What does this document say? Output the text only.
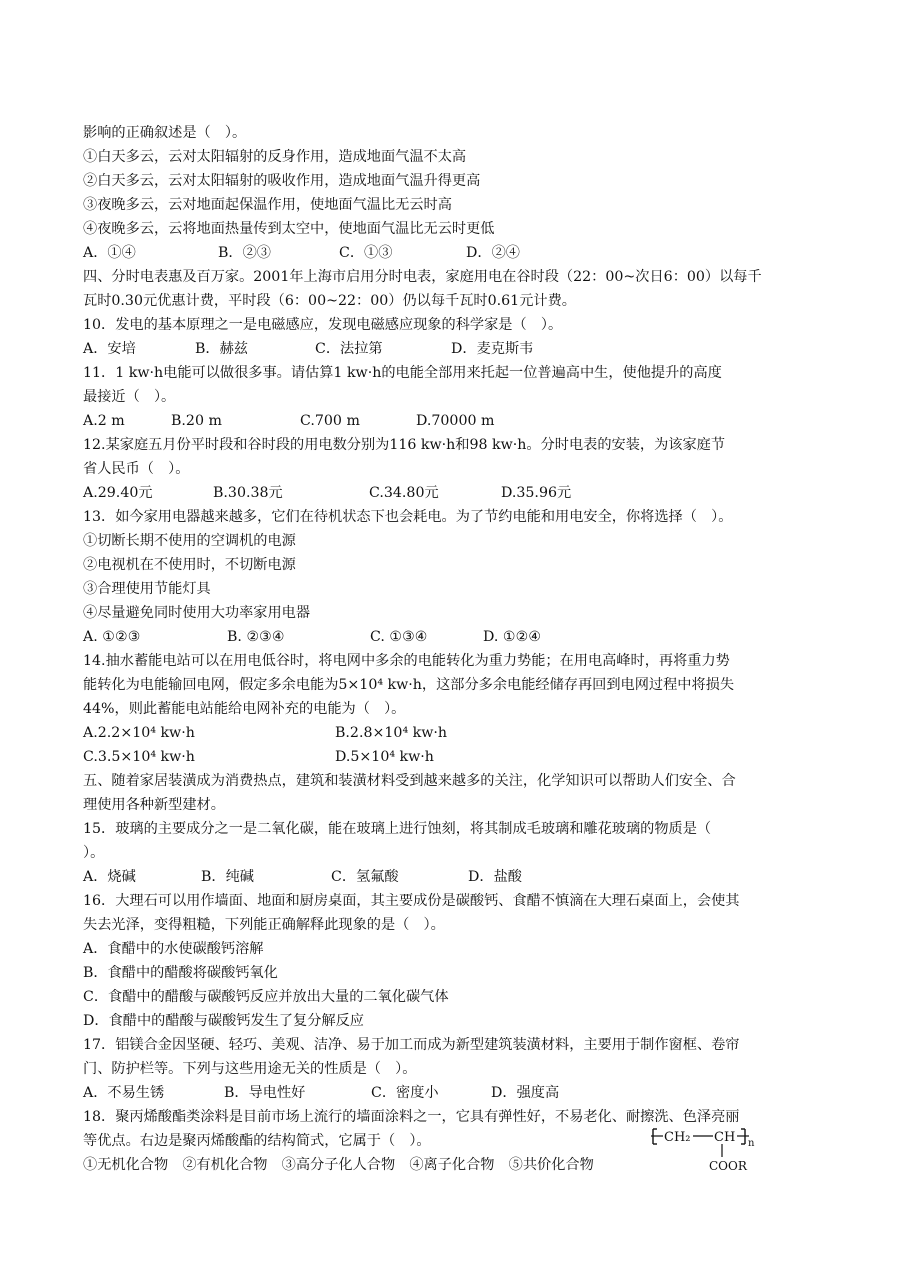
影响的正确叙述是（　）。
①白天多云，云对太阳辐射的反身作用，造成地面气温不太高
②白天多云，云对太阳辐射的吸收作用，造成地面气温升得更高
③夜晚多云，云对地面起保温作用，使地面气温比无云时高
④夜晚多云，云将地面热量传到太空中，使地面气温比无云时更低
A．①④	B．②③	C．①③	D．②④
四、分时电表惠及百万家。2001年上海市启用分时电表，家庭用电在谷时段（22：00~次日6：00）以每千
瓦时0.30元优惠计费，平时段（6：00~22：00）仍以每千瓦时0.61元计费。
10．发电的基本原理之一是电磁感应，发现电磁感应现象的科学家是（　）。
A．安培	B．赫兹	C．法拉第	D．麦克斯韦
11．1 kw·h电能可以做很多事。请估算1 kw·h的电能全部用来托起一位普遍高中生，使他提升的高度
最接近（　）。
A.2 m	B.20 m	C.700 m	D.70000 m
12.某家庭五月份平时段和谷时段的用电数分别为116 kw·h和98 kw·h。分时电表的安装，为该家庭节
省人民币（　）。
A.29.40元	B.30.38元	C.34.80元	D.35.96元
13．如今家用电器越来越多，它们在待机状态下也会耗电。为了节约电能和用电安全，你将选择（　）。
①切断长期不使用的空调机的电源
②电视机在不使用时，不切断电源
③合理使用节能灯具
④尽量避免同时使用大功率家用电器
A. ①②③	B. ②③④	C. ①③④	D. ①②④
14.抽水蓄能电站可以在用电低谷时，将电网中多余的电能转化为重力势能；在用电高峰时，再将重力势
能转化为电能输回电网，假定多余电能为5×10⁴ kw·h，这部分多余电能经储存再回到电网过程中将损失
44%，则此蓄能电站能给电网补充的电能为（　）。
A.2.2×10⁴ kw·h	B.2.8×10⁴ kw·h
C.3.5×10⁴ kw·h	D.5×10⁴ kw·h
五、随着家居装潢成为消费热点，建筑和装潢材料受到越来越多的关注，化学知识可以帮助人们安全、合
理使用各种新型建材。
15．玻璃的主要成分之一是二氧化碳，能在玻璃上进行蚀刻，将其制成毛玻璃和雕花玻璃的物质是（
）。
A．烧碱	B．纯碱	C．氢氟酸	D．盐酸
16．大理石可以用作墙面、地面和厨房桌面，其主要成份是碳酸钙、食醋不慎滴在大理石桌面上，会使其
失去光泽，变得粗糙，下列能正确解释此现象的是（　）。
A．食醋中的水使碳酸钙溶解
B．食醋中的醋酸将碳酸钙氧化
C．食醋中的醋酸与碳酸钙反应并放出大量的二氧化碳气体
D．食醋中的醋酸与碳酸钙发生了复分解反应
17．铝镁合金因坚硬、轻巧、美观、洁净、易于加工而成为新型建筑装潢材料，主要用于制作窗框、卷帘
门、防护栏等。下列与这些用途无关的性质是（　）。
A．不易生锈	B．导电性好	C．密度小	D．强度高
18．聚丙烯酸酯类涂料是目前市场上流行的墙面涂料之一，它具有弹性好，不易老化、耐擦洗、色泽亮丽
等优点。右边是聚丙烯酸酯的结构简式，它属于（　）。
①无机化合物　②有机化合物　③高分子化人合物　④离子化合物　⑤共价化合物
CH₂ CH n
COOR
